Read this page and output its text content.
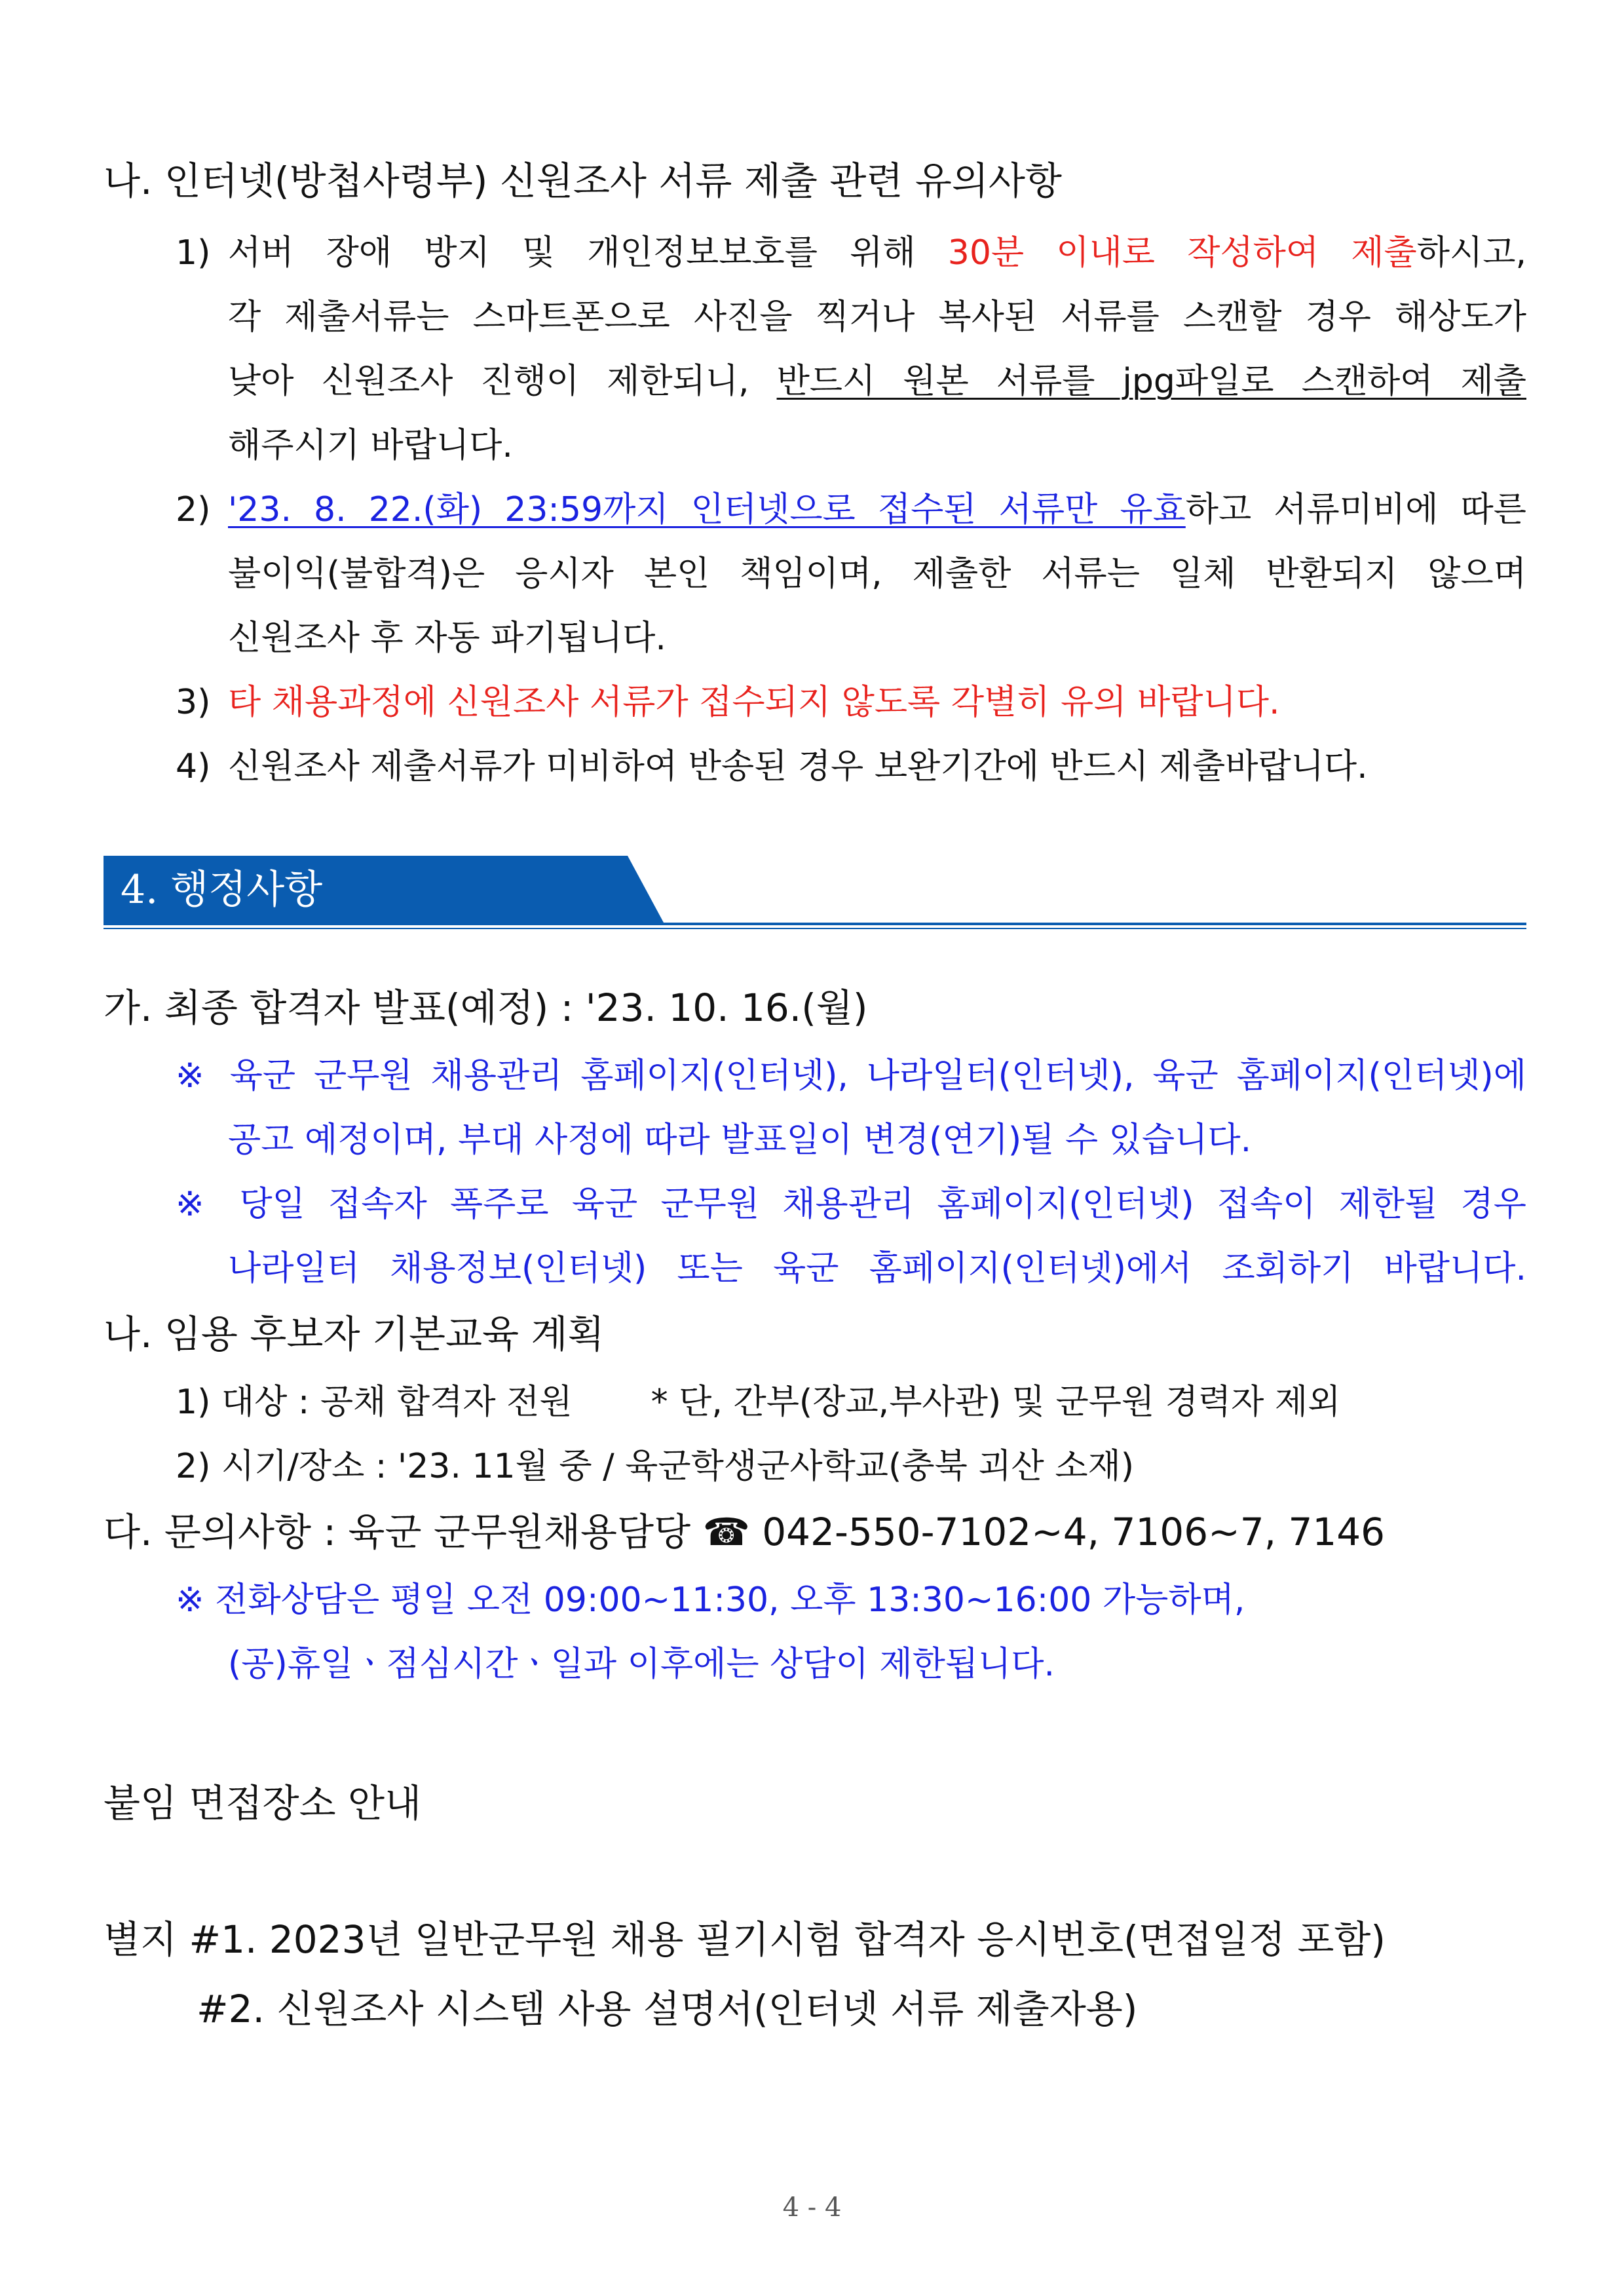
나. 인터넷(방첩사령부) 신원조사 서류 제출 관련 유의사항
1) 서버 장애 방지 및 개인정보보호를 위해 30분 이내로 작성하여 제출하시고,
각 제출서류는 스마트폰으로 사진을 찍거나 복사된 서류를 스캔할 경우 해상도가
낮아 신원조사 진행이 제한되니, 반드시 원본 서류를 jpg파일로 스캔하여 제출
해주시기 바랍니다.
2) '23. 8. 22.(화) 23:59까지 인터넷으로 접수된 서류만 유효하고 서류미비에 따른
불이익(불합격)은 응시자 본인 책임이며, 제출한 서류는 일체 반환되지 않으며
신원조사 후 자동 파기됩니다.
3) 타 채용과정에 신원조사 서류가 접수되지 않도록 각별히 유의 바랍니다.
4) 신원조사 제출서류가 미비하여 반송된 경우 보완기간에 반드시 제출바랍니다.
4. 행정사항
가. 최종 합격자 발표(예정) : '23. 10. 16.(월)
※ 육군 군무원 채용관리 홈페이지(인터넷), 나라일터(인터넷), 육군 홈페이지(인터넷)에
공고 예정이며, 부대 사정에 따라 발표일이 변경(연기)될 수 있습니다.
※ 당일 접속자 폭주로 육군 군무원 채용관리 홈페이지(인터넷) 접속이 제한될 경우
나라일터 채용정보(인터넷) 또는 육군 홈페이지(인터넷)에서 조회하기 바랍니다.
나. 임용 후보자 기본교육 계획
1) 대상 : 공채 합격자 전원 * 단, 간부(장교,부사관) 및 군무원 경력자 제외
2) 시기/장소 : '23. 11월 중 / 육군학생군사학교(충북 괴산 소재)
다. 문의사항 : 육군 군무원채용담당 ☎ 042-550-7102~4, 7106~7, 7146
※ 전화상담은 평일 오전 09:00~11:30, 오후 13:30~16:00 가능하며,
(공)휴일ㆍ점심시간ㆍ일과 이후에는 상담이 제한됩니다.
붙임 면접장소 안내
별지 #1. 2023년 일반군무원 채용 필기시험 합격자 응시번호(면접일정 포함)
#2. 신원조사 시스템 사용 설명서(인터넷 서류 제출자용)
4 - 4
